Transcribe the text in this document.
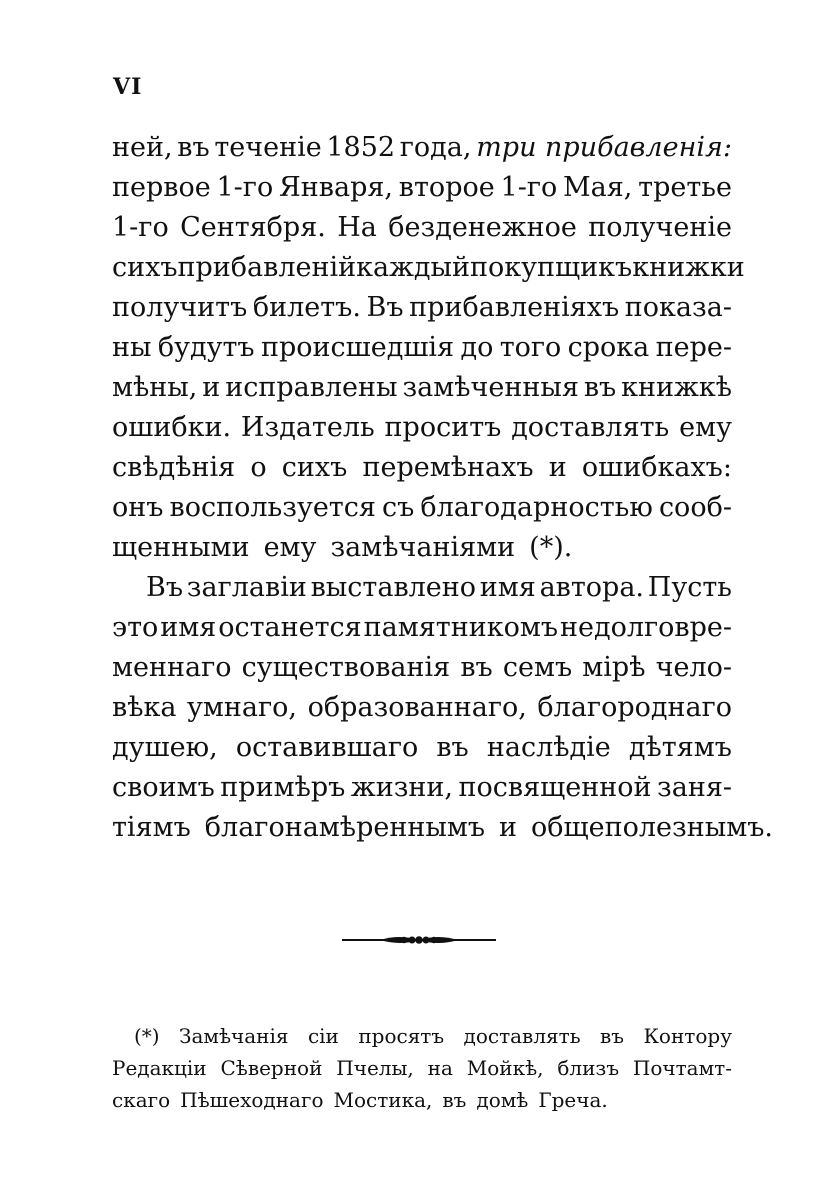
VI
ней, въ теченіе 1852 года, три прибавленія:
первое 1-го Января, второе 1-го Мая, третье
1-го Сентября. На безденежное полученіе
сихъ прибавленій каждый покупщикъ книжки
получитъ билетъ. Въ прибавленіяхъ показа-
ны будутъ происшедшія до того срока пере-
мѣны, и исправлены замѣченныя въ книжкѣ
ошибки. Издатель проситъ доставлять ему
свѣдѣнія о сихъ перемѣнахъ и ошибкахъ:
онъ воспользуется съ благодарностью сооб-
щенными ему замѣчаніями (*).
Въ заглавіи выставлено имя автора. Пусть
это имя останется памятникомъ недолговре-
меннаго существованія въ семъ мірѣ чело-
вѣка умнаго, образованнаго, благороднаго
душею, оставившаго въ наслѣдіе дѣтямъ
своимъ примѣръ жизни, посвященной заня-
тіямъ благонамѣреннымъ и общеполезнымъ.
(*) Замѣчанія сіи просятъ доставлять въ Контору
Редакціи Сѣверной Пчелы, на Мойкѣ, близъ Почтамт-
скаго Пѣшеходнаго Мостика, въ домѣ Греча.
